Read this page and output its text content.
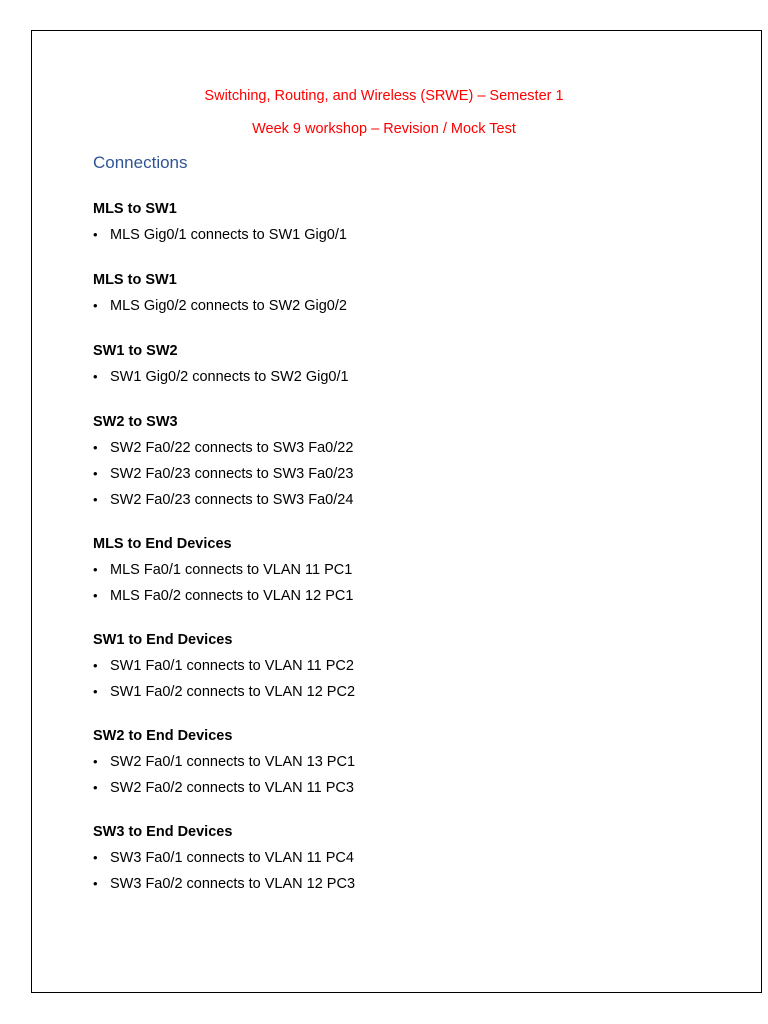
Switching, Routing, and Wireless (SRWE) – Semester 1
Week 9 workshop – Revision / Mock Test
Connections
MLS to SW1
• MLS Gig0/1 connects to SW1 Gig0/1
MLS to SW1
• MLS Gig0/2 connects to SW2 Gig0/2
SW1 to SW2
• SW1 Gig0/2 connects to SW2 Gig0/1
SW2 to SW3
• SW2 Fa0/22 connects to SW3 Fa0/22
• SW2 Fa0/23 connects to SW3 Fa0/23
• SW2 Fa0/23 connects to SW3 Fa0/24
MLS to End Devices
• MLS Fa0/1 connects to VLAN 11 PC1
• MLS Fa0/2 connects to VLAN 12 PC1
SW1 to End Devices
• SW1 Fa0/1 connects to VLAN 11 PC2
• SW1 Fa0/2 connects to VLAN 12 PC2
SW2 to End Devices
• SW2 Fa0/1 connects to VLAN 13 PC1
• SW2 Fa0/2 connects to VLAN 11 PC3
SW3 to End Devices
• SW3 Fa0/1 connects to VLAN 11 PC4
• SW3 Fa0/2 connects to VLAN 12 PC3
